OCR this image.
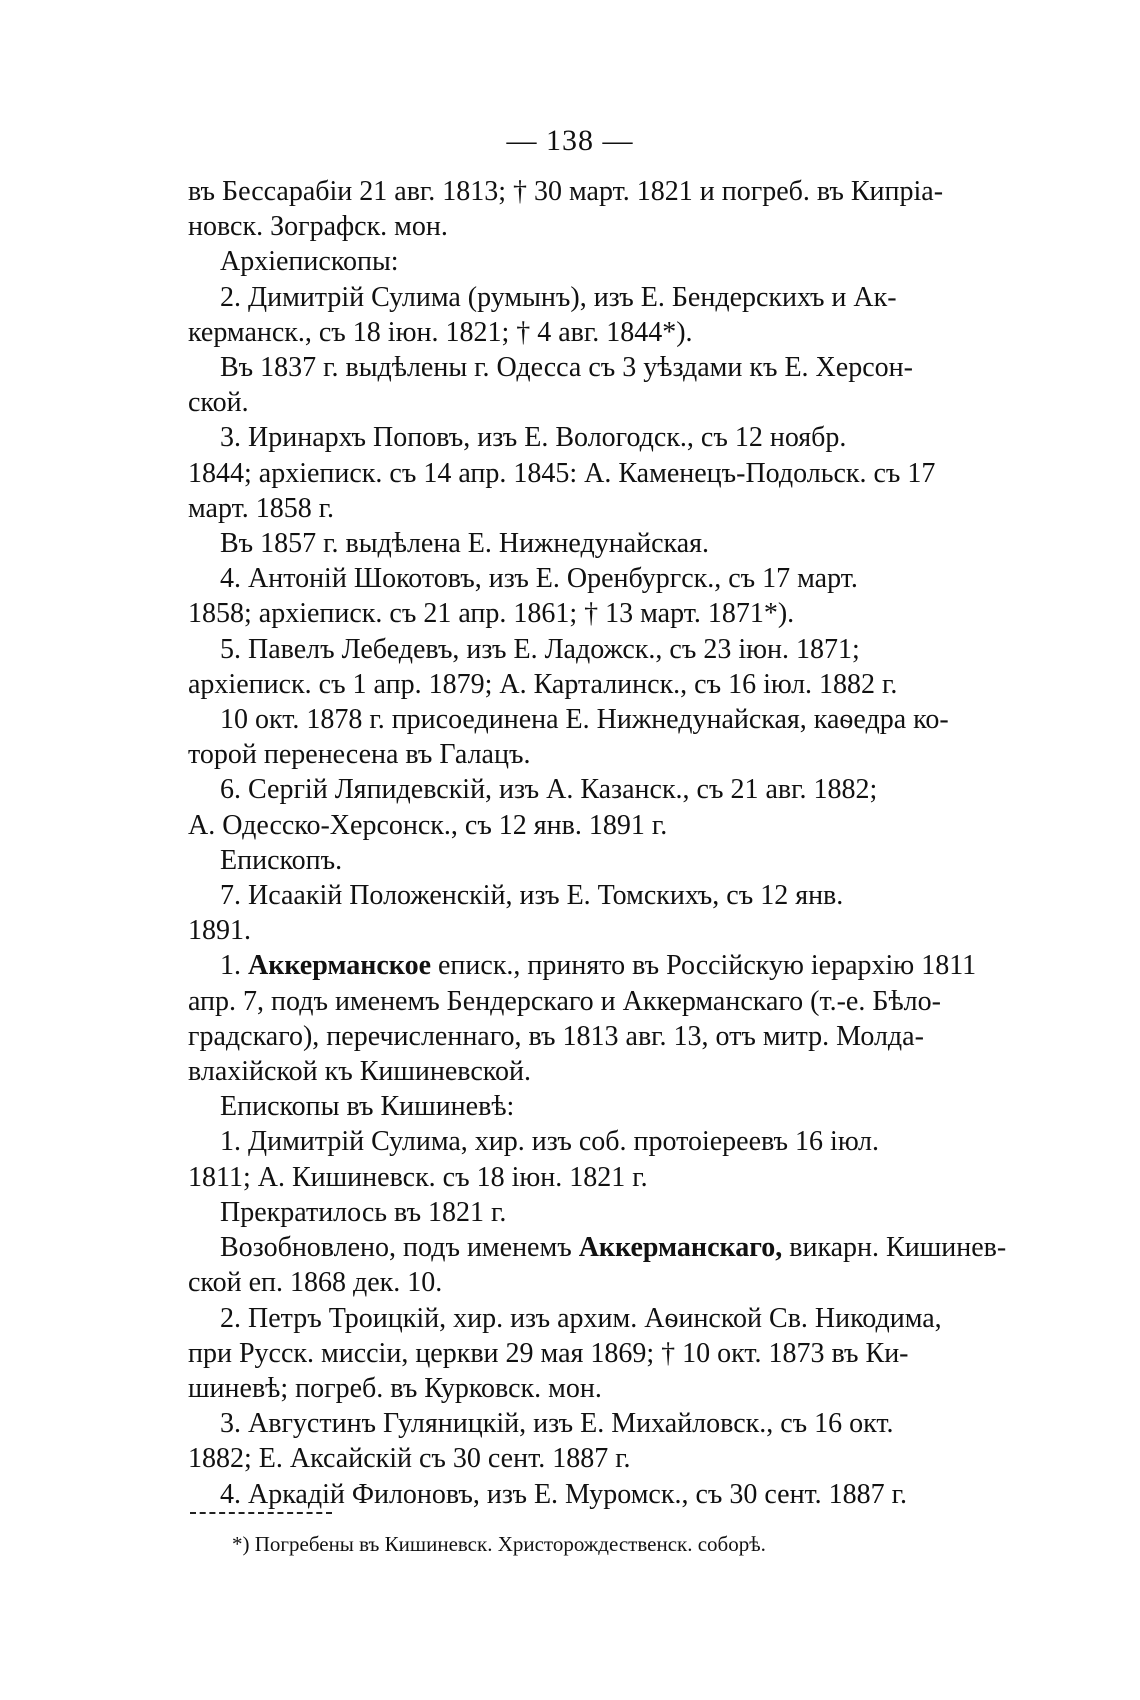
— 138 —

въ Бессарабіи 21 авг. 1813; † 30 март. 1821 и погреб. въ Кипріа-

новск. Зографск. мон.

Архіепископы:

2. Димитрій Сулима (румынъ), изъ Е. Бендерскихъ и Ак-

керманск., съ 18 іюн. 1821; † 4 авг. 1844*).

Въ 1837 г. выдѣлены г. Одесса съ 3 уѣздами къ Е. Херсон-

ской.

3. Иринархъ Поповъ, изъ Е. Вологодск., съ 12 ноябр.

1844; архіеписк. съ 14 апр. 1845: А. Каменецъ-Подольск. съ 17

март. 1858 г.

Въ 1857 г. выдѣлена Е. Нижнедунайская.

4. Антоній Шокотовъ, изъ Е. Оренбургск., съ 17 март.

1858; архіеписк. съ 21 апр. 1861; † 13 март. 1871*).

5. Павелъ Лебедевъ, изъ Е. Ладожск., съ 23 іюн. 1871;

архіеписк. съ 1 апр. 1879; А. Карталинск., съ 16 іюл. 1882 г.

10 окт. 1878 г. присоединена Е. Нижнедунайская, каѳедра ко-

торой перенесена въ Галацъ.

6. Сергій Ляпидевскій, изъ А. Казанск., съ 21 авг. 1882;

А. Одесско-Херсонск., съ 12 янв. 1891 г.

Епископъ.

7. Исаакій Положенскій, изъ Е. Томскихъ, съ 12 янв.

1891.

1. Аккерманское еписк., принято въ Россійскую іерархію 1811

апр. 7, подъ именемъ Бендерскаго и Аккерманскаго (т.-е. Бѣло-

градскаго), перечисленнаго, въ 1813 авг. 13, отъ митр. Молда-

влахійской къ Кишиневской.

Епископы въ Кишиневѣ:

1. Димитрій Сулима, хир. изъ соб. протоіереевъ 16 іюл.

1811; А. Кишиневск. съ 18 іюн. 1821 г.

Прекратилось въ 1821 г.

Возобновлено, подъ именемъ Аккерманскаго, викарн. Кишинев-

ской еп. 1868 дек. 10.

2. Петръ Троицкій, хир. изъ архим. Аѳинской Св. Никодима,

при Русск. миссіи, церкви 29 мая 1869; † 10 окт. 1873 въ Ки-

шиневѣ; погреб. въ Курковск. мон.

3. Августинъ Гуляницкій, изъ Е. Михайловск., съ 16 окт.

1882; Е. Аксайскій съ 30 сент. 1887 г.

4. Аркадій Филоновъ, изъ Е. Муромск., съ 30 сент. 1887 г.

*) Погребены въ Кишиневск. Христорождественск. соборѣ.
